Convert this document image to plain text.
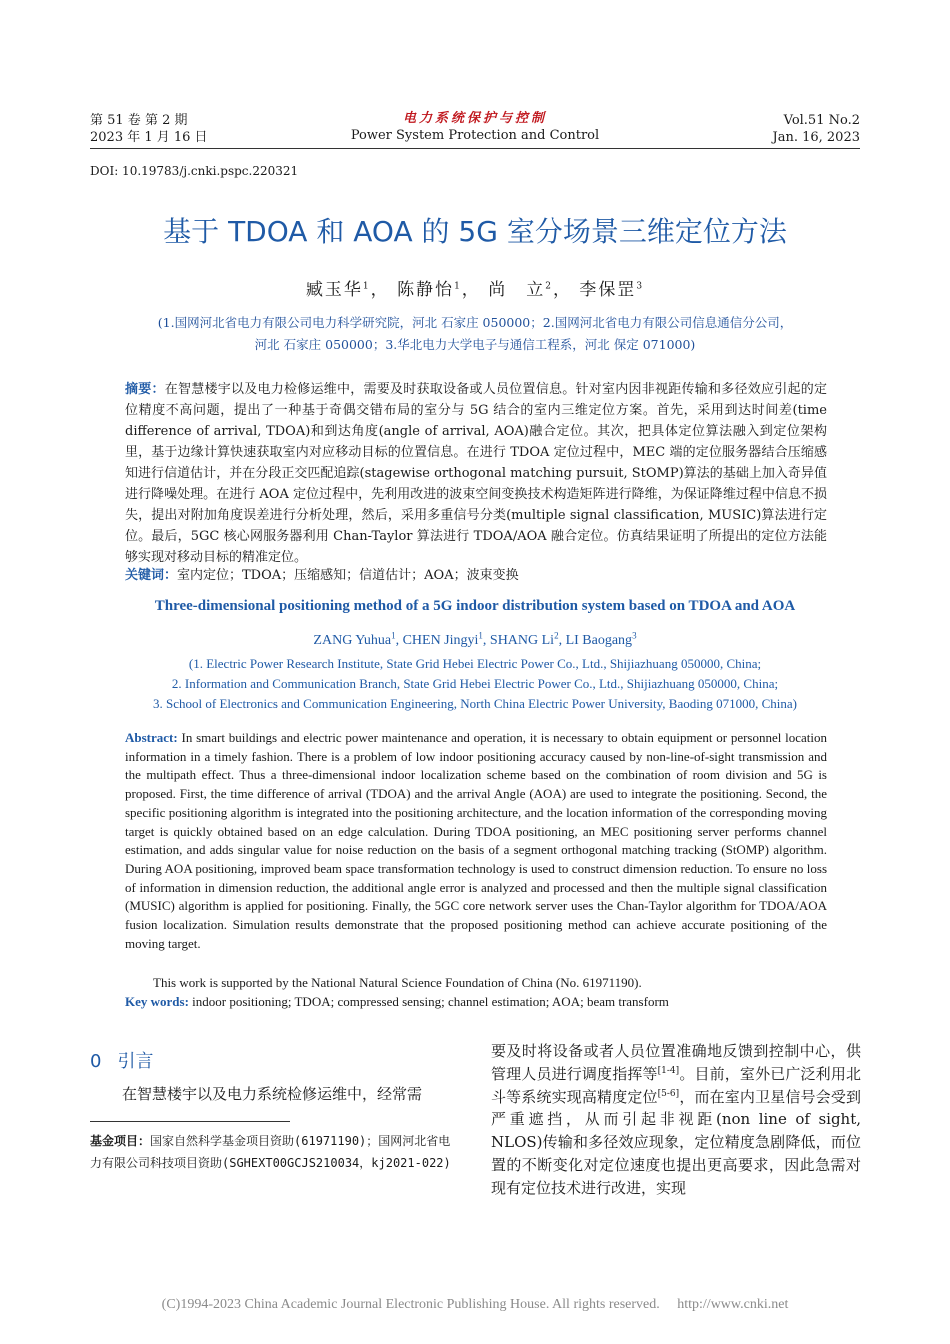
第 51 卷 第 2 期
2023 年 1 月 16 日
电力系统保护与控制
Power System Protection and Control
Vol.51 No.2
Jan. 16, 2023
DOI: 10.19783/j.cnki.pspc.220321
基于 TDOA 和 AOA 的 5G 室分场景三维定位方法
臧玉华$^1$， 陈静怡$^1$， 尚　立$^2$， 李保罡$^3$
(1.国网河北省电力有限公司电力科学研究院，河北 石家庄 050000；2.国网河北省电力有限公司信息通信分公司，
河北 石家庄 050000；3.华北电力大学电子与通信工程系，河北 保定 071000)
摘要：在智慧楼宇以及电力检修运维中，需要及时获取设备或人员位置信息。针对室内因非视距传输和多径效应引起的定位精度不高问题，提出了一种基于奇偶交错布局的室分与 5G 结合的室内三维定位方案。首先，采用到达时间差(time difference of arrival, TDOA)和到达角度(angle of arrival, AOA)融合定位。其次，把具体定位算法融入到定位架构里，基于边缘计算快速获取室内对应移动目标的位置信息。在进行 TDOA 定位过程中，MEC 端的定位服务器结合压缩感知进行信道估计，并在分段正交匹配追踪(stagewise orthogonal matching pursuit, StOMP)算法的基础上加入奇异值进行降噪处理。在进行 AOA 定位过程中，先利用改进的波束空间变换技术构造矩阵进行降维，为保证降维过程中信息不损失，提出对附加角度误差进行分析处理，然后，采用多重信号分类(multiple signal classification, MUSIC)算法进行定位。最后，5GC 核心网服务器利用 Chan-Taylor 算法进行 TDOA/AOA 融合定位。仿真结果证明了所提出的定位方法能够实现对移动目标的精准定位。
关键词：室内定位；TDOA；压缩感知；信道估计；AOA；波束变换
Three-dimensional positioning method of a 5G indoor distribution system based on TDOA and AOA
ZANG Yuhua$^1$, CHEN Jingyi$^1$, SHANG Li$^2$, LI Baogang$^3$
(1. Electric Power Research Institute, State Grid Hebei Electric Power Co., Ltd., Shijiazhuang 050000, China;
2. Information and Communication Branch, State Grid Hebei Electric Power Co., Ltd., Shijiazhuang 050000, China;
3. School of Electronics and Communication Engineering, North China Electric Power University, Baoding 071000, China)
Abstract: In smart buildings and electric power maintenance and operation, it is necessary to obtain equipment or personnel location information in a timely fashion. There is a problem of low indoor positioning accuracy caused by non-line-of-sight transmission and the multipath effect. Thus a three-dimensional indoor localization scheme based on the combination of room division and 5G is proposed. First, the time difference of arrival (TDOA) and the arrival Angle (AOA) are used to integrate the positioning. Second, the specific positioning algorithm is integrated into the positioning architecture, and the location information of the corresponding moving target is quickly obtained based on an edge calculation. During TDOA positioning, an MEC positioning server performs channel estimation, and adds singular value for noise reduction on the basis of a segment orthogonal matching tracking (StOMP) algorithm. During AOA positioning, improved beam space transformation technology is used to construct dimension reduction. To ensure no loss of information in dimension reduction, the additional angle error is analyzed and processed and then the multiple signal classification (MUSIC) algorithm is applied for positioning. Finally, the 5GC core network server uses the Chan-Taylor algorithm for TDOA/AOA fusion localization. Simulation results demonstrate that the proposed positioning method can achieve accurate positioning of the moving target.
This work is supported by the National Natural Science Foundation of China (No. 61971190).
Key words: indoor positioning; TDOA; compressed sensing; channel estimation; AOA; beam transform
0 引言
在智慧楼宇以及电力系统检修运维中，经常需
基金项目：国家自然科学基金项目资助(61971190)；国网河北省电力有限公司科技项目资助(SGHEXT00GCJS210034，kj2021-022)
要及时将设备或者人员位置准确地反馈到控制中心，供管理人员进行调度指挥等[1-4]。目前，室外已广泛利用北斗等系统实现高精度定位[5-6]，而在室内卫星信号会受到严重遮挡，从而引起非视距(non line of sight, NLOS)传输和多径效应现象，定位精度急剧降低，而位置的不断变化对定位速度也提出更高要求，因此急需对现有定位技术进行改进，实现
(C)1994-2023 China Academic Journal Electronic Publishing House. All rights reserved. http://www.cnki.net
